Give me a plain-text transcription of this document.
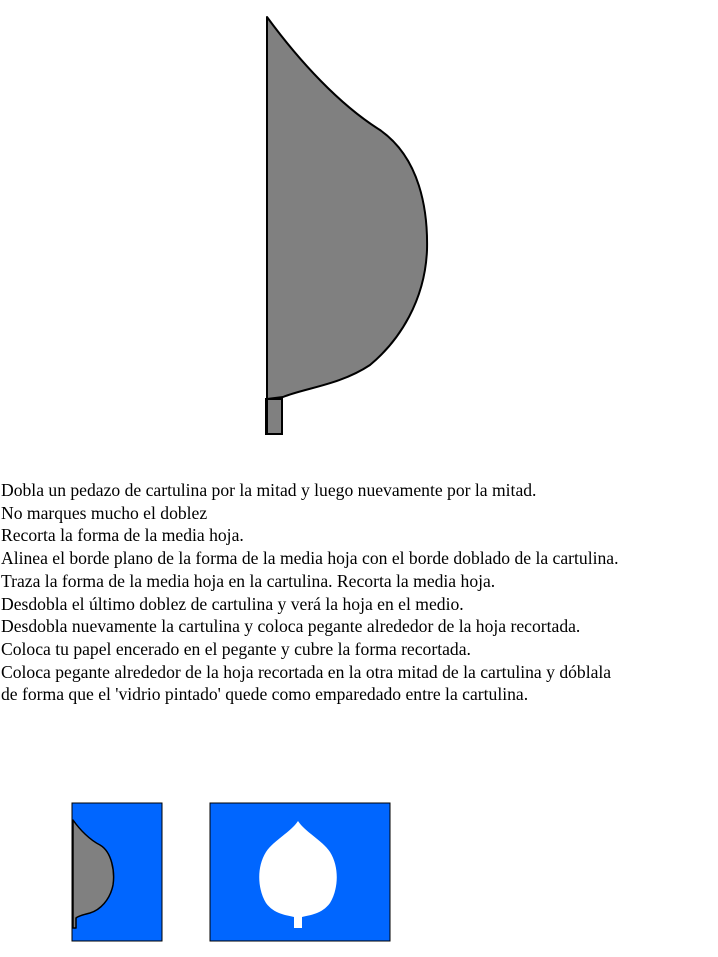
Dobla un pedazo de cartulina por la mitad y luego nuevamente por la mitad.
No marques mucho el doblez
Recorta la forma de la media hoja.
Alinea el borde plano de la forma de la media hoja con el borde doblado de la cartulina.
Traza la forma de la media hoja en la cartulina. Recorta la media hoja.
Desdobla el último doblez de cartulina y verá la hoja en el medio.
Desdobla nuevamente la cartulina y coloca pegante alrededor de la hoja recortada.
Coloca tu papel encerado en el pegante y cubre la forma recortada.
Coloca pegante alrededor de la hoja recortada en la otra mitad de la cartulina y dóblala
de forma que el 'vidrio pintado' quede como emparedado entre la cartulina.
